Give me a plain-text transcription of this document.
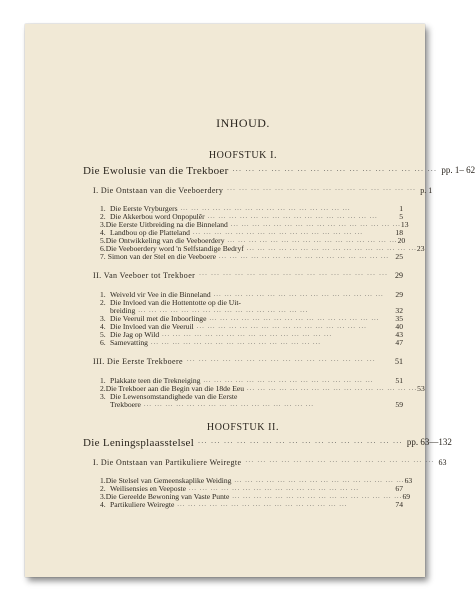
INHOUD.
HOOFSTUK I.
Die Ewolusie van die Trekboer ... ... ... ... ... ... ... ... ... ... ... ... ... ... ... ... pp. 1– 62
I. Die Ontstaan van die Veeboerdery ... ... ... ... ... ... ... ... ... ... ... ... ... ... ... ... p. 1
1. Die Eerste Vryburgers ... ... ... ... ... ... ... ... ... ... ... ... ... ... ... ...	1
2. Die Akkerbou word Onpopulêr ... ... ... ... ... ... ... ... ... ... ... ... ... ... ... ...	5
3. Die Eerste Uitbreiding na die Binneland ... ... ... ... ... ... ... ... ... ... ... ... ... ... ... ... 13
4. Landbou op die Platteland ... ... ... ... ... ... ... ... ... ... ... ... ... ... ... ...	18
5. Die Ontwikkeling van die Veeboerdery ... ... ... ... ... ... ... ... ... ... ... ... ... ... ... ... 20
6. Die Veeboerdery word 'n Selfstandige Bedryf ... ... ... ... ... ... ... ... ... ... ... ... ... ... ... ... 23
7. Simon van der Stel en die Veeboere ... ... ... ... ... ... ... ... ... ... ... ... ... ... ... ... 25
II. Van Veeboer tot Trekboer ... ... ... ... ... ... ... ... ... ... ... ... ... ... ... ... 29
1. Weiveld vir Vee in die Binneland ... ... ... ... ... ... ... ... ... ... ... ... ... ... ... ...	29
2. Die Invloed van die Hottentotte op die Uit-
breiding ... ... ... ... ... ... ... ... ... ... ... ... ... ... ... ...	32
3. Die Veeruil met die Inboorlinge ... ... ... ... ... ... ... ... ... ... ... ... ... ... ... ...	35
4. Die Invloed van die Veeruil ... ... ... ... ... ... ... ... ... ... ... ... ... ... ... ...	40
5. Die Jag op Wild ... ... ... ... ... ... ... ... ... ... ... ... ... ... ... ...	43
6. Samevatting ... ... ... ... ... ... ... ... ... ... ... ... ... ... ... ...	47
III. Die Eerste Trekboere ... ... ... ... ... ... ... ... ... ... ... ... ... ... ... ...	51
1. Plakkate teen die Trekneiging ... ... ... ... ... ... ... ... ... ... ... ... ... ... ... ...	51
2. Die Trekboer aan die Begin van die 18de Eeu ... ... ... ... ... ... ... ... ... ... ... ... ... ... ... ... 53
3. Die Lewensomstandighede van die Eerste
Trekboere ... ... ... ... ... ... ... ... ... ... ... ... ... ... ... ...	59
HOOFSTUK II.
Die Leningsplaasstelsel ... ... ... ... ... ... ... ... ... ... ... ... ... ... ... ... pp. 63—132
I. Die Ontstaan van Partikuliere Weiregte ... ... ... ... ... ... ... ... ... ... ... ... ... ... ... ... 63
1. Die Stelsel van Gemeenskaplike Weiding ... ... ... ... ... ... ... ... ... ... ... ... ... ... ... ... 63
2. Weilisensies en Veeposte ... ... ... ... ... ... ... ... ... ... ... ... ... ... ... ...	67
3. Die Gereelde Bewoning van Vaste Punte ... ... ... ... ... ... ... ... ... ... ... ... ... ... ... ... 69
4. Partikuliere Weiregte ... ... ... ... ... ... ... ... ... ... ... ... ... ... ... ...	74
